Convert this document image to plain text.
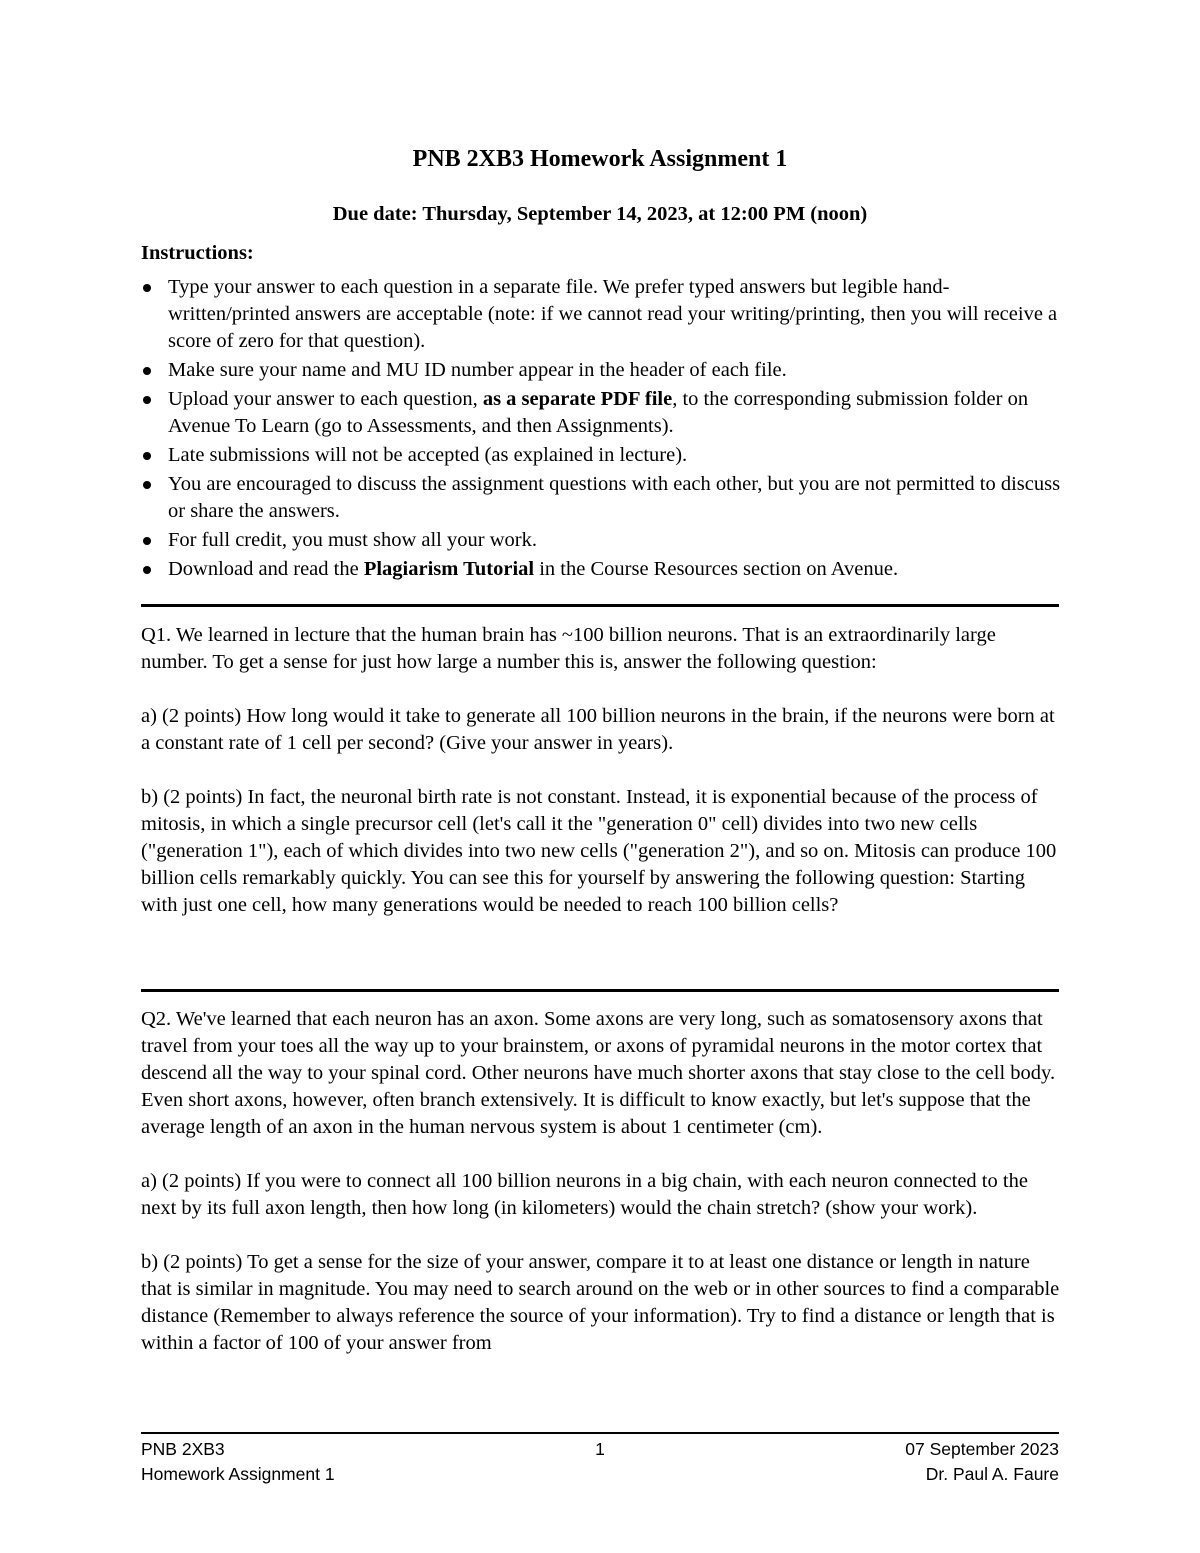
PNB 2XB3 Homework Assignment 1
Due date: Thursday, September 14, 2023, at 12:00 PM (noon)
Instructions:
Type your answer to each question in a separate file. We prefer typed answers but legible hand-written/printed answers are acceptable (note: if we cannot read your writing/printing, then you will receive a score of zero for that question).
Make sure your name and MU ID number appear in the header of each file.
Upload your answer to each question, as a separate PDF file, to the corresponding submission folder on Avenue To Learn (go to Assessments, and then Assignments).
Late submissions will not be accepted (as explained in lecture).
You are encouraged to discuss the assignment questions with each other, but you are not permitted to discuss or share the answers.
For full credit, you must show all your work.
Download and read the Plagiarism Tutorial in the Course Resources section on Avenue.

Q1. We learned in lecture that the human brain has ~100 billion neurons. That is an extraordinarily large number. To get a sense for just how large a number this is, answer the following question:

a) (2 points) How long would it take to generate all 100 billion neurons in the brain, if the neurons were born at a constant rate of 1 cell per second? (Give your answer in years).

b) (2 points) In fact, the neuronal birth rate is not constant. Instead, it is exponential because of the process of mitosis, in which a single precursor cell (let's call it the "generation 0" cell) divides into two new cells ("generation 1"), each of which divides into two new cells ("generation 2"), and so on. Mitosis can produce 100 billion cells remarkably quickly. You can see this for yourself by answering the following question: Starting with just one cell, how many generations would be needed to reach 100 billion cells?

Q2. We've learned that each neuron has an axon. Some axons are very long, such as somatosensory axons that travel from your toes all the way up to your brainstem, or axons of pyramidal neurons in the motor cortex that descend all the way to your spinal cord. Other neurons have much shorter axons that stay close to the cell body. Even short axons, however, often branch extensively. It is difficult to know exactly, but let's suppose that the average length of an axon in the human nervous system is about 1 centimeter (cm).

a) (2 points) If you were to connect all 100 billion neurons in a big chain, with each neuron connected to the next by its full axon length, then how long (in kilometers) would the chain stretch? (show your work).

b) (2 points) To get a sense for the size of your answer, compare it to at least one distance or length in nature that is similar in magnitude. You may need to search around on the web or in other sources to find a comparable distance (Remember to always reference the source of your information). Try to find a distance or length that is within a factor of 100 of your answer from

PNB 2XB3	1	07 September 2023
Homework Assignment 1	Dr. Paul A. Faure
